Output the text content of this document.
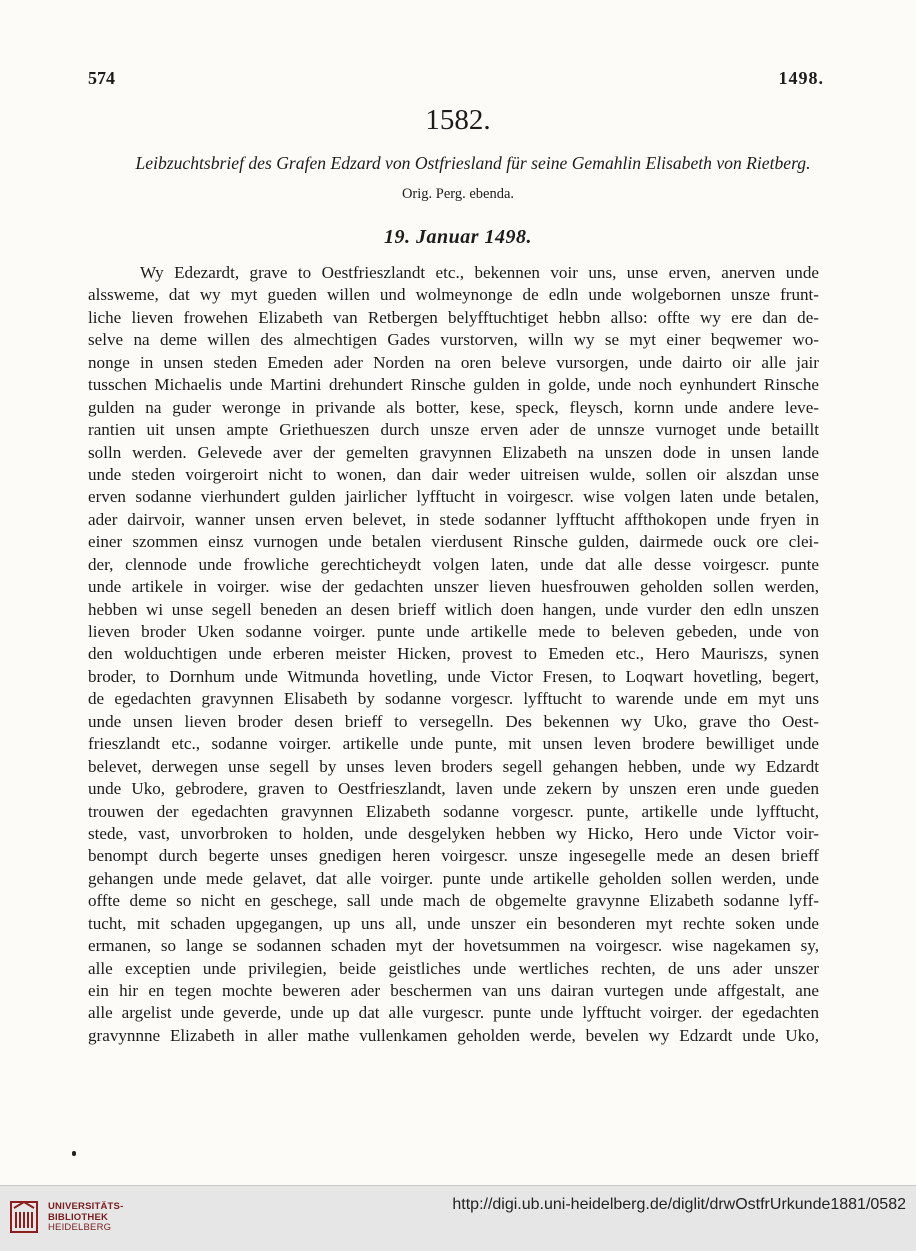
574	1498.
1582.
Leibzuchtsbrief des Grafen Edzard von Ostfriesland für seine Gemahlin Elisabeth von Rietberg.
Orig. Perg. ebenda.
19. Januar 1498.
Wy Edezardt, grave to Oestfrieszlandt etc., bekennen voir uns, unse erven, anerven unde
alssweme, dat wy myt gueden willen und wolmeynonge de edln unde wolgebornen unsze frunt-
liche lieven frowehen Elizabeth van Retbergen belyfftuchtiget hebbn allso: offte wy ere dan de-
selve na deme willen des almechtigen Gades vurstorven, willn wy se myt einer beqwemer wo-
nonge in unsen steden Emeden ader Norden na oren beleve vursorgen, unde dairto oir alle jair
tusschen Michaelis unde Martini drehundert Rinsche gulden in golde, unde noch eynhundert Rinsche
gulden na guder weronge in privande als botter, kese, speck, fleysch, kornn unde andere leve-
rantien uit unsen ampte Griethueszen durch unsze erven ader de unnsze vurnoget unde betaillt
solln werden. Gelevede aver der gemelten gravynnen Elizabeth na unszen dode in unsen lande
unde steden voirgeroirt nicht to wonen, dan dair weder uitreisen wulde, sollen oir alszdan unse
erven sodanne vierhundert gulden jairlicher lyfftucht in voirgescr. wise volgen laten unde betalen,
ader dairvoir, wanner unsen erven belevet, in stede sodanner lyfftucht affthokopen unde fryen in
einer szommen einsz vurnogen unde betalen vierdusent Rinsche gulden, dairmede ouck ore clei-
der, clennode unde frowliche gerechticheydt volgen laten, unde dat alle desse voirgescr. punte
unde artikele in voirger. wise der gedachten unszer lieven huesfrouwen geholden sollen werden,
hebben wi unse segell beneden an desen brieff witlich doen hangen, unde vurder den edln unszen
lieven broder Uken sodanne voirger. punte unde artikelle mede to beleven gebeden, unde von
den wolduchtigen unde erberen meister Hicken, provest to Emeden etc., Hero Mauriszs, synen
broder, to Dornhum unde Witmunda hovetling, unde Victor Fresen, to Loqwart hovetling, begert,
de egedachten gravynnen Elisabeth by sodanne vorgescr. lyfftucht to warende unde em myt uns
unde unsen lieven broder desen brieff to versegelln. Des bekennen wy Uko, grave tho Oest-
frieszlandt etc., sodanne voirger. artikelle unde punte, mit unsen leven brodere bewilliget unde
belevet, derwegen unse segell by unses leven broders segell gehangen hebben, unde wy Edzardt
unde Uko, gebrodere, graven to Oestfrieszlandt, laven unde zekern by unszen eren unde gueden
trouwen der egedachten gravynnen Elizabeth sodanne vorgescr. punte, artikelle unde lyfftucht,
stede, vast, unvorbroken to holden, unde desgelyken hebben wy Hicko, Hero unde Victor voir-
benompt durch begerte unses gnedigen heren voirgescr. unsze ingesegelle mede an desen brieff
gehangen unde mede gelavet, dat alle voirger. punte unde artikelle geholden sollen werden, unde
offte deme so nicht en geschege, sall unde mach de obgemelte gravynne Elizabeth sodanne lyff-
tucht, mit schaden upgegangen, up uns all, unde unszer ein besonderen myt rechte soken unde
ermanen, so lange se sodannen schaden myt der hovetsummen na voirgescr. wise nagekamen sy,
alle exceptien unde privilegien, beide geistliches unde wertliches rechten, de uns ader unszer
ein hir en tegen mochte beweren ader beschermen van uns dairan vurtegen unde affgestalt, ane
alle argelist unde geverde, unde up dat alle vurgescr. punte unde lyfftucht voirger. der egedachten
gravynnne Elizabeth in aller mathe vullenkamen geholden werde, bevelen wy Edzardt unde Uko,
UNIVERSITÄTS-
BIBLIOTHEK
HEIDELBERG
http://digi.ub.uni-heidelberg.de/diglit/drwOstfrUrkunde1881/0582
